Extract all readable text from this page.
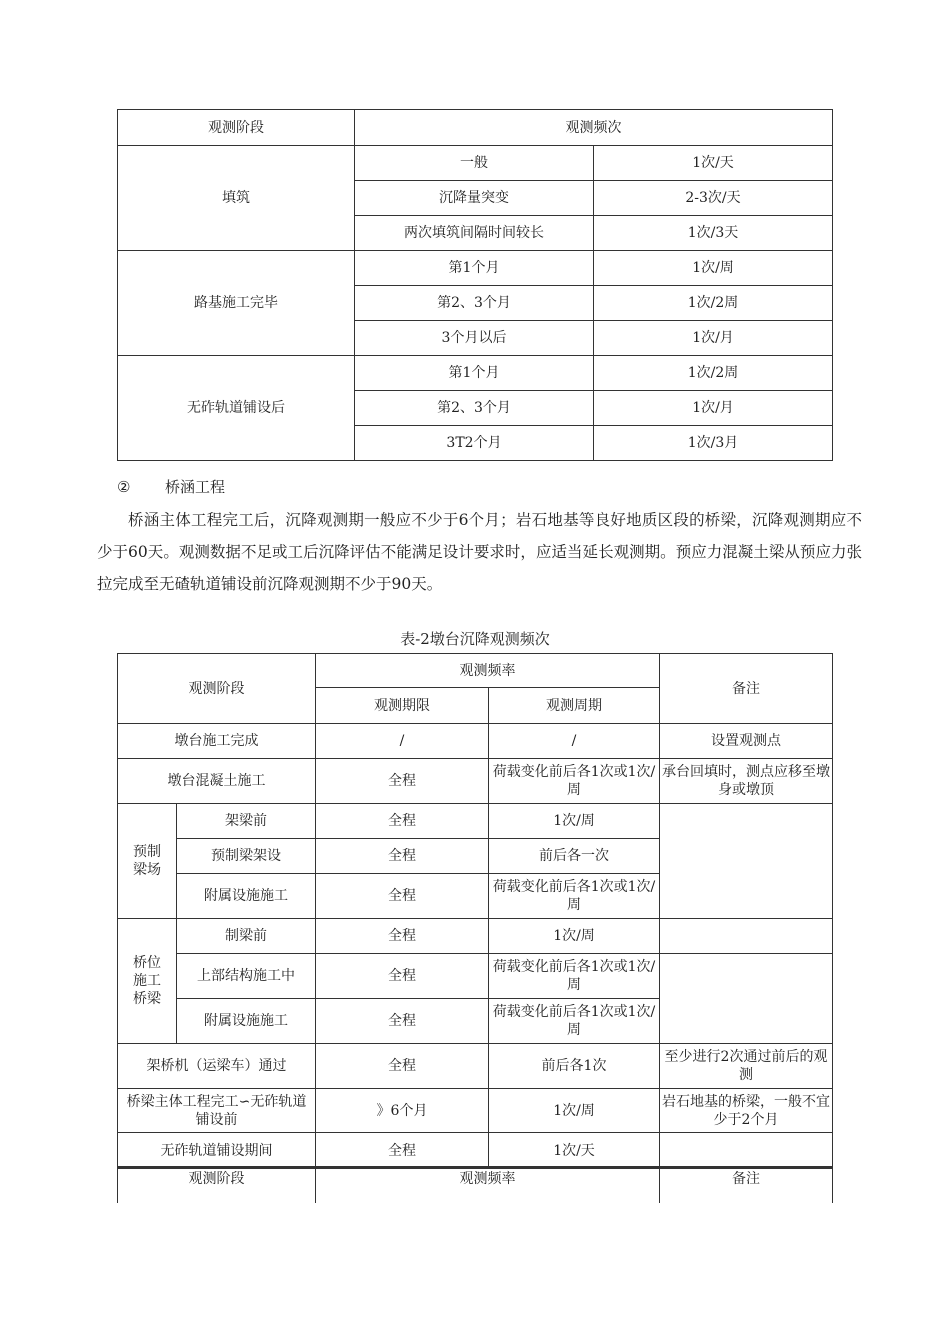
观测阶段	观测频次	
填筑	一般	1次/天
	沉降量突变	2-3次/天
	两次填筑间隔时间较长	1次/3天
路基施工完毕	第1个月	1次/周
	第2、3个月	1次/2周
	3个月以后	1次/月
无砟轨道铺设后	第1个月	1次/2周
	第2、3个月	1次/月
	3T2个月	1次/3月
② 桥涵工程
桥涵主体工程完工后，沉降观测期一般应不少于6个月；岩石地基等良好地质区段的桥梁，沉降观测期应不少于60天。观测数据不足或工后沉降评估不能满足设计要求时，应适当延长观测期。预应力混凝土梁从预应力张拉完成至无碴轨道铺设前沉降观测期不少于90天。
表-2墩台沉降观测频次
观测阶段		观测频率		备注
		观测期限	观测周期	
墩台施工完成		/	/	设置观测点
墩台混凝土施工		全程	荷载变化前后各1次或1次/周	承台回填时，测点应移至墩身或墩顶
预制梁场	架梁前	全程	1次/周	
	预制梁架设	全程	前后各一次	
	附属设施施工	全程	荷载变化前后各1次或1次/周	
桥位施工桥梁	制梁前	全程	1次/周	
	上部结构施工中	全程	荷载变化前后各1次或1次/周	
	附属设施施工	全程	荷载变化前后各1次或1次/周	
架桥机（运梁车）通过		全程	前后各1次	至少进行2次通过前后的观测
桥梁主体工程完工∽无砟轨道铺设前		》6个月	1次/周	岩石地基的桥梁，一般不宜少于2个月
无砟轨道铺设期间		全程	1次/天	
观测阶段	观测频率	备注
